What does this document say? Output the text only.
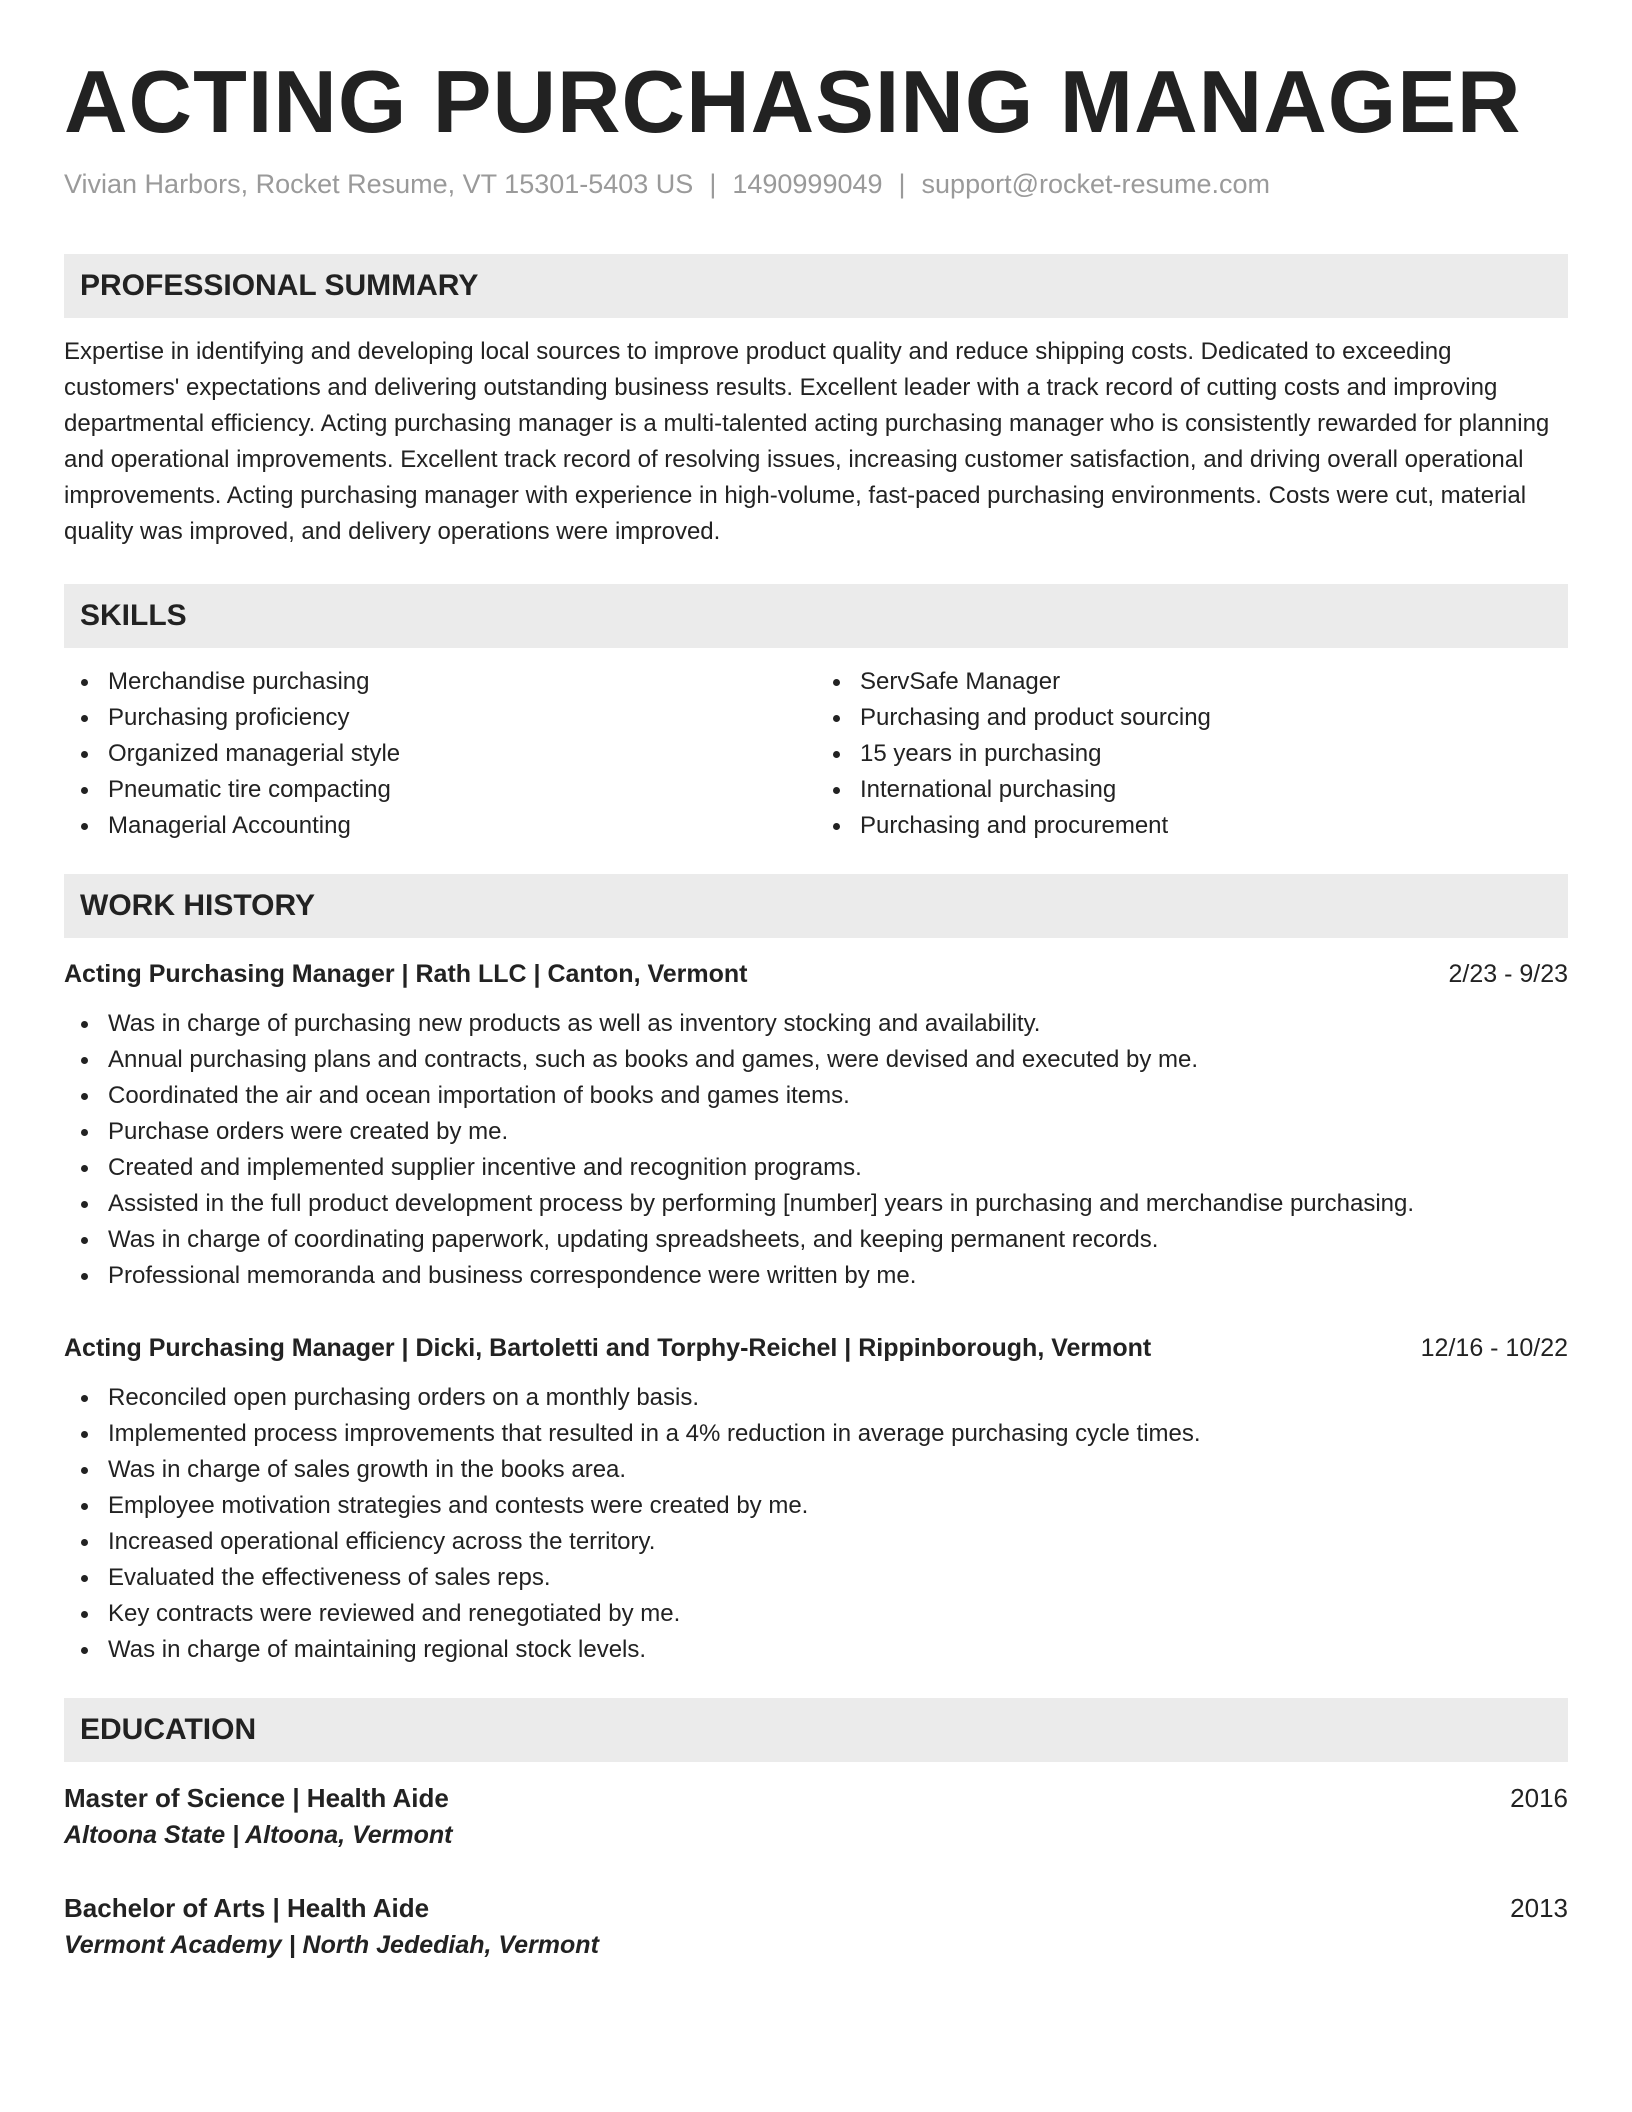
ACTING PURCHASING MANAGER
Vivian Harbors, Rocket Resume, VT 15301-5403 US | 1490999049 | support@rocket-resume.com
PROFESSIONAL SUMMARY
Expertise in identifying and developing local sources to improve product quality and reduce shipping costs. Dedicated to exceeding customers' expectations and delivering outstanding business results. Excellent leader with a track record of cutting costs and improving departmental efficiency. Acting purchasing manager is a multi-talented acting purchasing manager who is consistently rewarded for planning and operational improvements. Excellent track record of resolving issues, increasing customer satisfaction, and driving overall operational improvements. Acting purchasing manager with experience in high-volume, fast-paced purchasing environments. Costs were cut, material quality was improved, and delivery operations were improved.
SKILLS
Merchandise purchasing
Purchasing proficiency
Organized managerial style
Pneumatic tire compacting
Managerial Accounting
ServSafe Manager
Purchasing and product sourcing
15 years in purchasing
International purchasing
Purchasing and procurement
WORK HISTORY
Acting Purchasing Manager | Rath LLC | Canton, Vermont	2/23 - 9/23
Was in charge of purchasing new products as well as inventory stocking and availability.
Annual purchasing plans and contracts, such as books and games, were devised and executed by me.
Coordinated the air and ocean importation of books and games items.
Purchase orders were created by me.
Created and implemented supplier incentive and recognition programs.
Assisted in the full product development process by performing [number] years in purchasing and merchandise purchasing.
Was in charge of coordinating paperwork, updating spreadsheets, and keeping permanent records.
Professional memoranda and business correspondence were written by me.
Acting Purchasing Manager | Dicki, Bartoletti and Torphy-Reichel | Rippinborough, Vermont	12/16 - 10/22
Reconciled open purchasing orders on a monthly basis.
Implemented process improvements that resulted in a 4% reduction in average purchasing cycle times.
Was in charge of sales growth in the books area.
Employee motivation strategies and contests were created by me.
Increased operational efficiency across the territory.
Evaluated the effectiveness of sales reps.
Key contracts were reviewed and renegotiated by me.
Was in charge of maintaining regional stock levels.
EDUCATION
Master of Science | Health Aide	2016
Altoona State | Altoona, Vermont
Bachelor of Arts | Health Aide	2013
Vermont Academy | North Jedediah, Vermont
